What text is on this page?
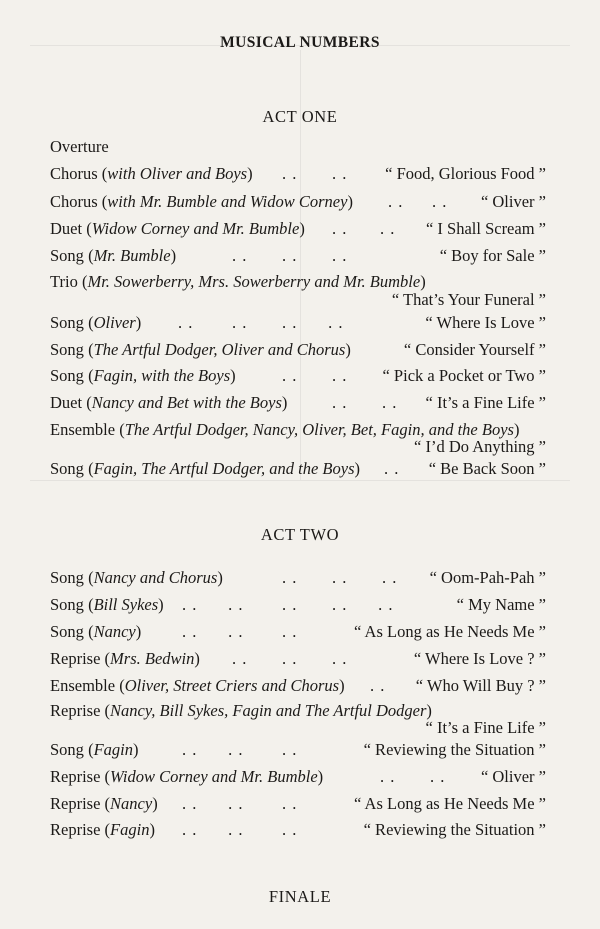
MUSICAL NUMBERS
ACT ONE
Overture
Chorus (with Oliver and Boys) . . . . “ Food, Glorious Food ”
Chorus (with Mr. Bumble and Widow Corney) . . . . “ Oliver ”
Duet (Widow Corney and Mr. Bumble) . . . . “ I Shall Scream ”
Song (Mr. Bumble)	. . . . . .	“ Boy for Sale ”
Trio (Mr. Sowerberry, Mrs. Sowerberry and Mr. Bumble)
“ That’s Your Funeral ”
Song (Oliver) . . . . . .      . .	“ Where Is Love ”
Song (The Artful Dodger, Oliver and Chorus)	“ Consider Yourself ”
Song (Fagin, with the Boys)	. . . . “ Pick a Pocket or Two ”
Duet (Nancy and Bet with the Boys)	. . . . “ It’s a Fine Life ”
Ensemble (The Artful Dodger, Nancy, Oliver, Bet, Fagin, and the Boys)
“ I’d Do Anything ”
Song (Fagin, The Artful Dodger, and the Boys) . . “ Be Back Soon ”
ACT TWO
Song (Nancy and Chorus)	. . . . . . “ Oom-Pah-Pah ”
Song (Bill Sykes) . .      . . . . . .      . .	“ My Name ”
Song (Nancy) . .      . . . .	“ As Long as He Needs Me ”
Reprise (Mrs. Bedwin) . . . . . .	“ Where Is Love ? ”
Ensemble (Oliver, Street Criers and Chorus) . . “ Who Will Buy ? ”
Reprise (Nancy, Bill Sykes, Fagin and The Artful Dodger)
“ It’s a Fine Life ”
Song (Fagin)	. .      . . . .	“ Reviewing the Situation ”
Reprise (Widow Corney and Mr. Bumble)	. . . . “ Oliver ”
Reprise (Nancy) . .      . . . .	“ As Long as He Needs Me ”
Reprise (Fagin) . .      . . . .	“ Reviewing the Situation ”
FINALE
